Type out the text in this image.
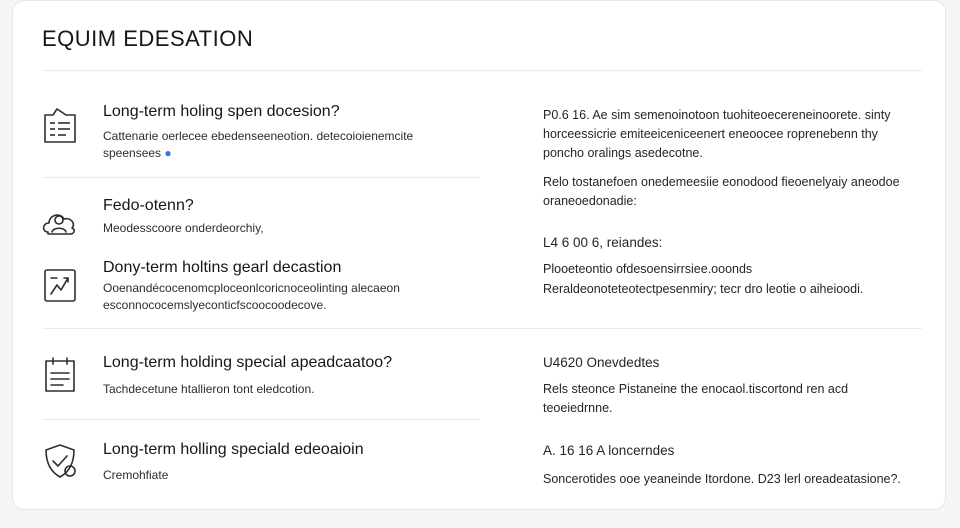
EQUIM EDESATION
Long-term holing spen docesion?
Cattenarie oerlecee ebedenseeneotion. detecoioienemcite
speensees ●
Fedo-otenn?
Meodesscoore onderdeorchiy,
Dony-term holtins gearl decastion
Ooenandécocenomcploceonlcoricnoceolinting alecaeon esconnococemslyeconticfscoocoodecove.
Long-term holding special apeadcaatoo?
Tachdecetune htallieron tont eledcotion.
Long-term holling speciald edeoaioin
Cremohfiate
P0.6 16. Ae sim semenoinotoon tuohiteoecereneinoorete. sinty horceessicrie emiteeiceniceenert eneoocee roprenebenn thy poncho oralings asedecotne.
Relo tostanefoen onedemeesiie eonodood fieoenelyaiy aneodoe oraneoedonadie:
L4 6 00 6, reiandes:
Plooeteontio ofdesoensirrsiee.ooonds
Reraldeonoteteotectpesenmiry; tecr dro leotie o aiheioodi.
U4620 Onevdedtes
Rels steonce Pistaneine the enocaol.tiscortond ren acd teoeiedrnne.
A. 16 16 A loncerndes
Soncerotides ooe yeaneinde Itordone. D23 lerl oreadeatasione?.
